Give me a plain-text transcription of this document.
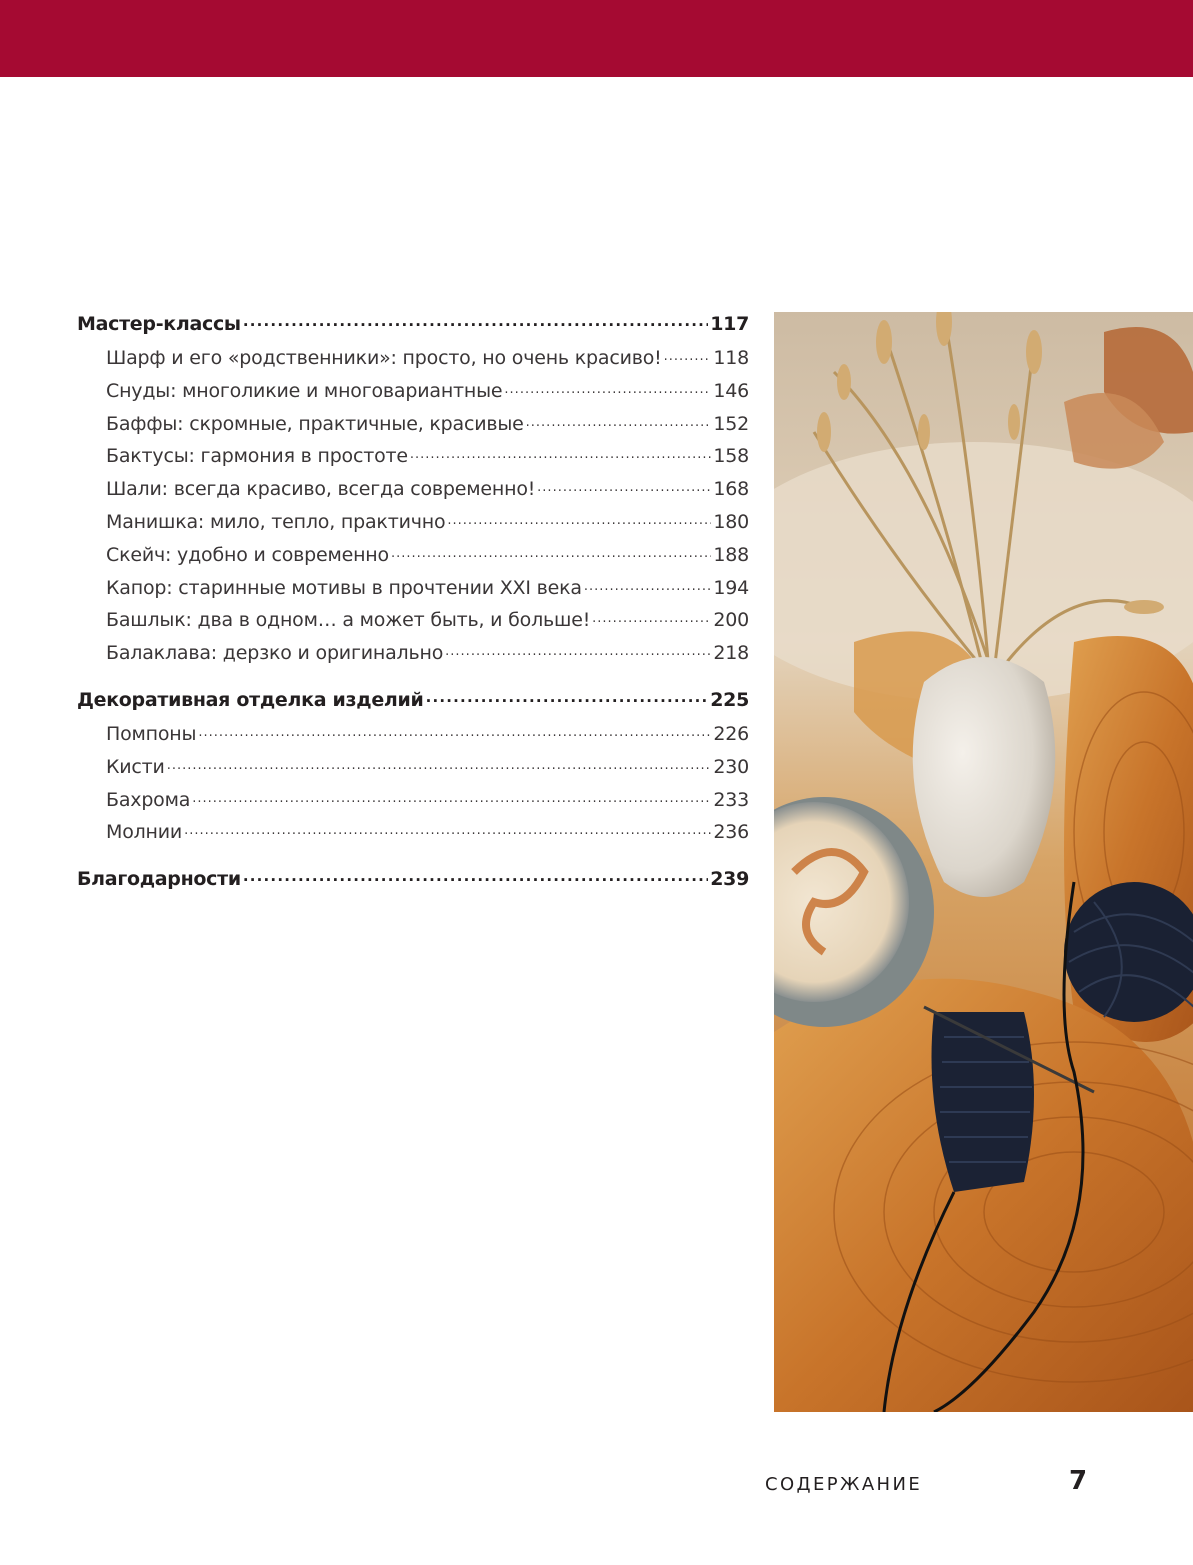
Мастер-классы .....	117
Шарф и его «родственники»: просто, но очень красиво! .....	118
Снуды: многоликие и многовариантные .....	146
Баффы: скромные, практичные, красивые .....	152
Бактусы: гармония в простоте .....	158
Шали: всегда красиво, всегда современно! .....	168
Манишка: мило, тепло, практично .....	180
Скейч: удобно и современно .....	188
Капор: старинные мотивы в прочтении XXI века .....	194
Башлык: два в одном… а может быть, и больше! .....	200
Балаклава: дерзко и оригинально .....	218
Декоративная отделка изделий .....	225
Помпоны .....	226
Кисти .....	230
Бахрома .....	233
Молнии .....	236
Благодарности .....	239
СОДЕРЖАНИЕ	7
